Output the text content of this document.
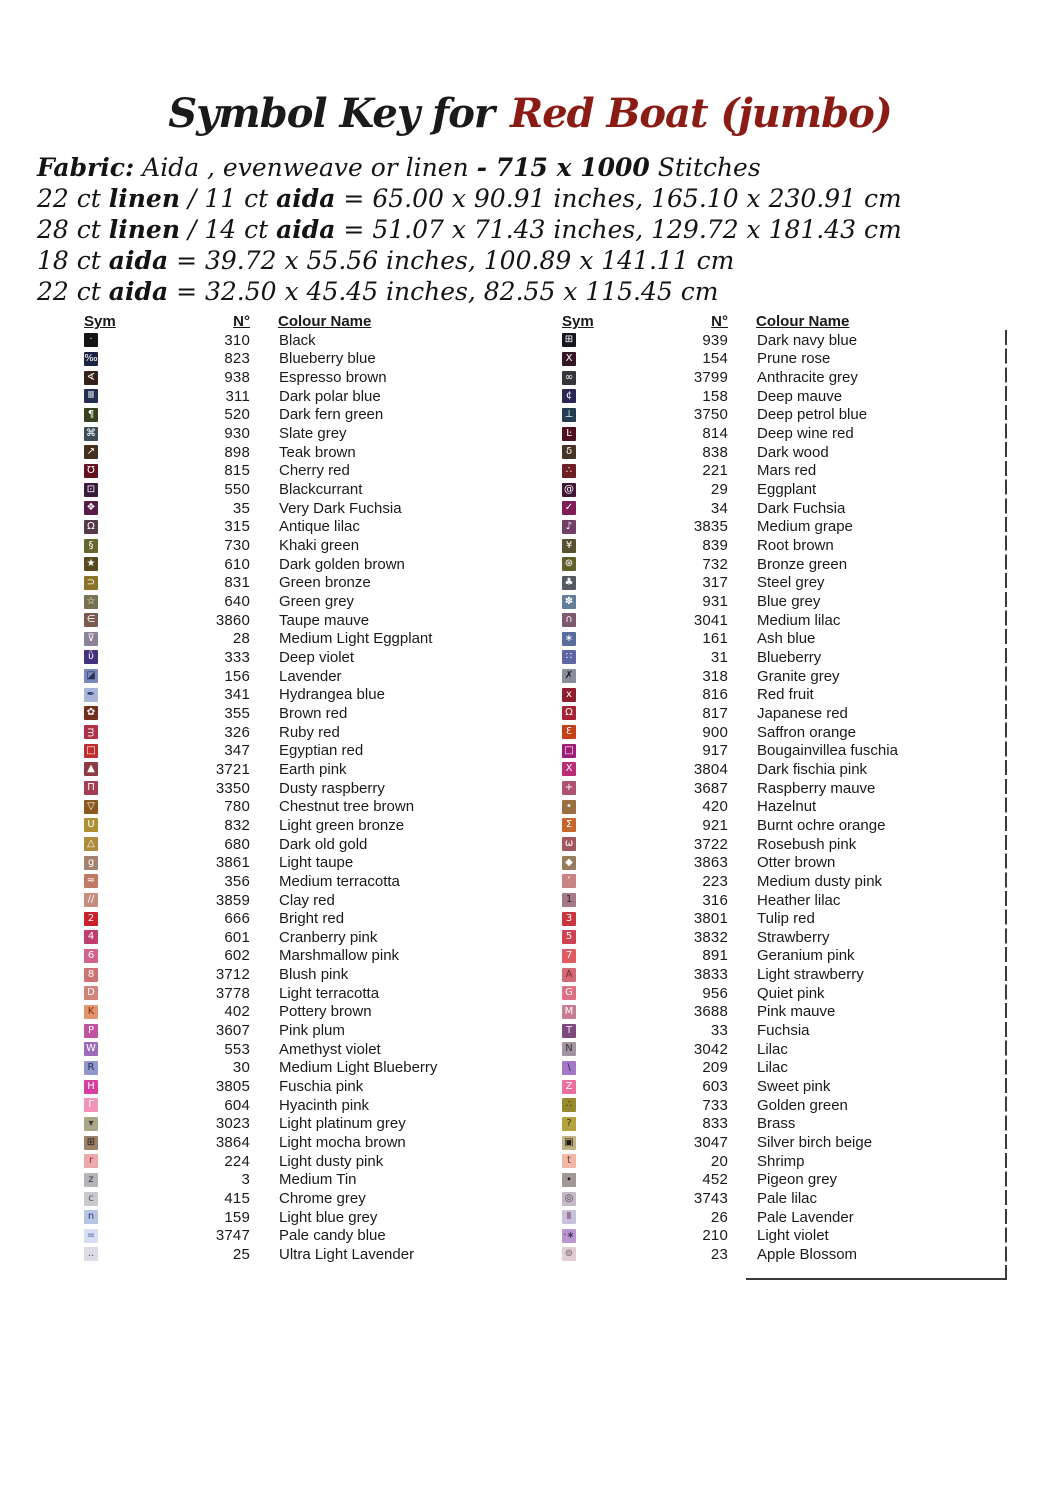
Symbol Key for Red Boat (jumbo)
Fabric: Aida , evenweave or linen - 715 x 1000 Stitches
22 ct linen / 11 ct aida = 65.00 x 90.91 inches, 165.10 x 230.91 cm
28 ct linen / 14 ct aida = 51.07 x 71.43 inches, 129.72 x 181.43 cm
18 ct aida = 39.72 x 55.56 inches, 100.89 x 141.11 cm
22 ct aida = 32.50 x 45.45 inches, 82.55 x 115.45 cm
Sym	N° Colour Name
·	310 Black
‰	823 Blueberry blue
∢	938 Espresso brown
Ⅲ	311 Dark polar blue
¶	520 Dark fern green
⌘	930 Slate grey
↗	898 Teak brown
Ʊ	815 Cherry red
⊡	550 Blackcurrant
❖	35 Very Dark Fuchsia
Ω	315 Antique lilac
§	730 Khaki green
★	610 Dark golden brown
⊃	831 Green bronze
☆	640 Green grey
∈	3860 Taupe mauve
⊽	28 Medium Light Eggplant
ΰ	333 Deep violet
◪	156 Lavender
✒	341 Hydrangea blue
✿	355 Brown red
ᴟ	326 Ruby red
□	347 Egyptian red
▲	3721 Earth pink
Π	3350 Dusty raspberry
▽	780 Chestnut tree brown
U	832 Light green bronze
△	680 Dark old gold
g	3861 Light taupe
≈	356 Medium terracotta
∕∕	3859 Clay red
2	666 Bright red
4	601 Cranberry pink
6	602 Marshmallow pink
8	3712 Blush pink
D	3778 Light terracotta
K	402 Pottery brown
P	3607 Pink plum
W	553 Amethyst violet
R	30 Medium Light Blueberry
H	3805 Fuschia pink
Γ	604 Hyacinth pink
▾	3023 Light platinum grey
⊞	3864 Light mocha brown
r	224 Light dusty pink
z	3 Medium Tin
c	415 Chrome grey
n	159 Light blue grey
=	3747 Pale candy blue
..	25 Ultra Light Lavender
Sym	N° Colour Name
⊞	939 Dark navy blue
X	154 Prune rose
∞	3799 Anthracite grey
¢	158 Deep mauve
⊥	3750 Deep petrol blue
Ŀ	814 Deep wine red
δ	838 Dark wood
∴	221 Mars red
@	29 Eggplant
✓	34 Dark Fuchsia
♪	3835 Medium grape
¥	839 Root brown
⊛	732 Bronze green
♣	317 Steel grey
✽	931 Blue grey
∩	3041 Medium lilac
∗	161 Ash blue
∷	31 Blueberry
✗	318 Granite grey
x	816 Red fruit
Ω	817 Japanese red
Ɛ	900 Saffron orange
□	917 Bougainvillea fuschia
Χ	3804 Dark fischia pink
+	3687 Raspberry mauve
•	420 Hazelnut
Σ	921 Burnt ochre orange
ω	3722 Rosebush pink
◆	3863 Otter brown
‘	223 Medium dusty pink
1	316 Heather lilac
3	3801 Tulip red
5	3832 Strawberry
7	891 Geranium pink
A	3833 Light strawberry
G	956 Quiet pink
M	3688 Pink mauve
T	33 Fuchsia
N	3042 Lilac
\	209 Lilac
Z	603 Sweet pink
∴	733 Golden green
?	833 Brass
▣	3047 Silver birch beige
t	20 Shrimp
∙	452 Pigeon grey
◎	3743 Pale lilac
Ⅱ	26 Pale Lavender
·∗	210 Light violet
⊚	23 Apple Blossom
